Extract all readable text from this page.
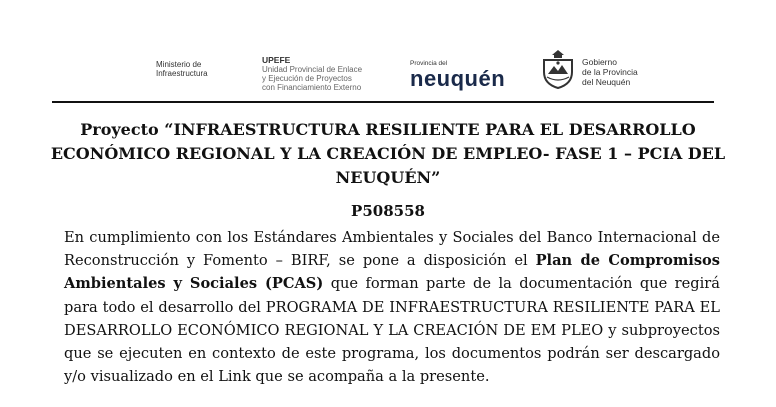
Ministerio de
Infraestructura
UPEFE
Unidad Provincial de Enlace
y Ejecución de Proyectos
con Financiamiento Externo
Provincia del
neuquén
Gobierno
de la Provincia
del Neuquén
Proyecto “INFRAESTRUCTURA RESILIENTE PARA EL DESARROLLO ECONÓMICO REGIONAL Y LA CREACIÓN DE EMPLEO- FASE 1 – PCIA DEL NEUQUÉN”
P508558
En cumplimiento con los Estándares Ambientales y Sociales del Banco Internacional de Reconstrucción y Fomento – BIRF, se pone a disposición el Plan de Compromisos Ambientales y Sociales (PCAS) que forman parte de la documentación que regirá para todo el desarrollo del PROGRAMA DE INFRAESTRUCTURA RESILIENTE PARA EL DESARROLLO ECONÓMICO REGIONAL Y LA CREACIÓN DE EM PLEO y subproyectos que se ejecuten en contexto de este programa, los documentos podrán ser descargado y/o visualizado en el Link que se acompaña a la presente.
